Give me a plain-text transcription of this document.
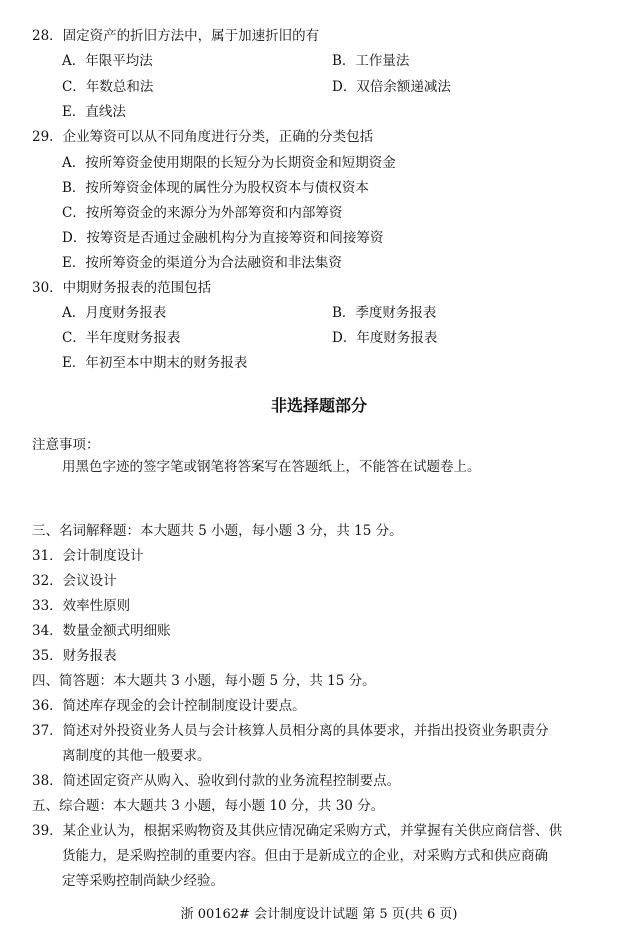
28．固定资产的折旧方法中，属于加速折旧的有
A．年限平均法	B．工作量法
C．年数总和法	D．双倍余额递减法
E．直线法
29．企业筹资可以从不同角度进行分类，正确的分类包括
A．按所筹资金使用期限的长短分为长期资金和短期资金
B．按所筹资金体现的属性分为股权资本与债权资本
C．按所筹资金的来源分为外部筹资和内部筹资
D．按筹资是否通过金融机构分为直接筹资和间接筹资
E．按所筹资金的渠道分为合法融资和非法集资
30．中期财务报表的范围包括
A．月度财务报表	B．季度财务报表
C．半年度财务报表	D．年度财务报表
E．年初至本中期末的财务报表
非选择题部分
注意事项：
用黑色字迹的签字笔或钢笔将答案写在答题纸上，不能答在试题卷上。
三、名词解释题：本大题共 5 小题，每小题 3 分，共 15 分。
31．会计制度设计
32．会议设计
33．效率性原则
34．数量金额式明细账
35．财务报表
四、简答题：本大题共 3 小题，每小题 5 分，共 15 分。
36．简述库存现金的会计控制制度设计要点。
37．简述对外投资业务人员与会计核算人员相分离的具体要求，并指出投资业务职责分
离制度的其他一般要求。
38．简述固定资产从购入、验收到付款的业务流程控制要点。
五、综合题：本大题共 3 小题，每小题 10 分，共 30 分。
39．某企业认为，根据采购物资及其供应情况确定采购方式，并掌握有关供应商信誉、供
货能力，是采购控制的重要内容。但由于是新成立的企业，对采购方式和供应商确
定等采购控制尚缺少经验。
浙 00162# 会计制度设计试题 第 5 页(共 6 页)
